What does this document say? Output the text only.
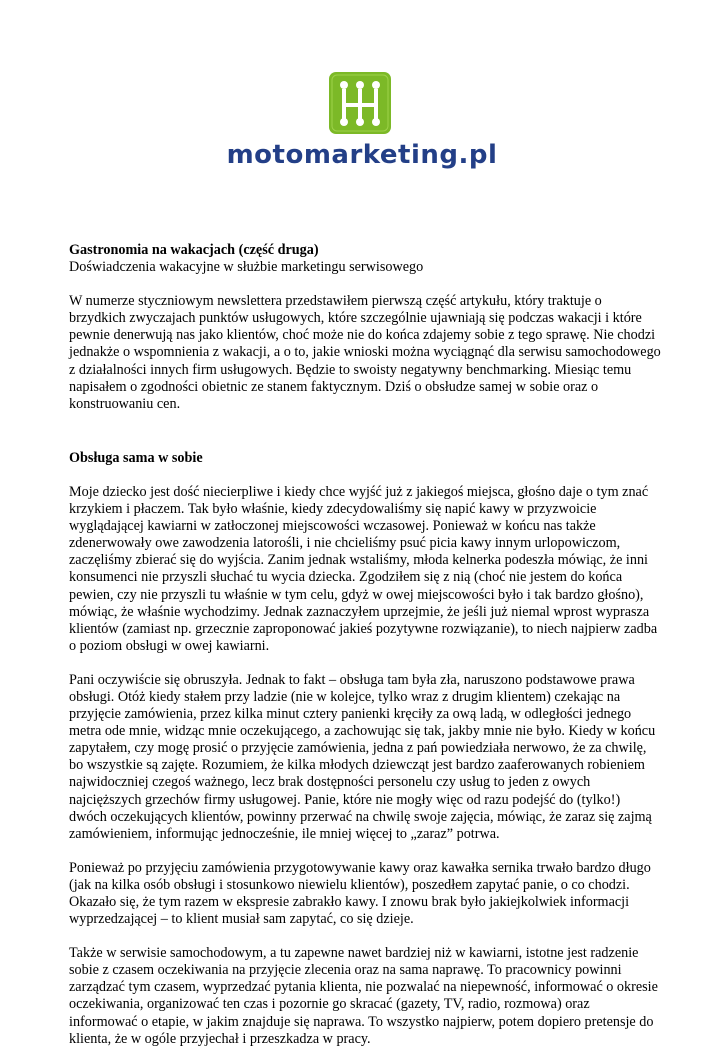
motomarketing.pl

Gastronomia na wakacjach (część druga)

Doświadczenia wakacyjne w służbie marketingu serwisowego

W numerze styczniowym newslettera przedstawiłem pierwszą część artykułu, który traktuje o brzydkich zwyczajach punktów usługowych, które szczególnie ujawniają się podczas wakacji i które pewnie denerwują nas jako klientów, choć może nie do końca zdajemy sobie z tego sprawę. Nie chodzi jednakże o wspomnienia z wakacji, a o to, jakie wnioski można wyciągnąć dla serwisu samochodowego z działalności innych firm usługowych. Będzie to swoisty negatywny benchmarking. Miesiąc temu napisałem o zgodności obietnic ze stanem faktycznym. Dziś o obsłudze samej w sobie oraz o konstruowaniu cen.

Obsługa sama w sobie

Moje dziecko jest dość niecierpliwe i kiedy chce wyjść już z jakiegoś miejsca, głośno daje o tym znać krzykiem i płaczem. Tak było właśnie, kiedy zdecydowaliśmy się napić kawy w przyzwoicie wyglądającej kawiarni w zatłoczonej miejscowości wczasowej. Ponieważ w końcu nas także zdenerwowały owe zawodzenia latorośli, i nie chcieliśmy psuć picia kawy innym urlopowiczom, zaczęliśmy zbierać się do wyjścia. Zanim jednak wstaliśmy, młoda kelnerka podeszła mówiąc, że inni konsumenci nie przyszli słuchać tu wycia dziecka. Zgodziłem się z nią (choć nie jestem do końca pewien, czy nie przyszli tu właśnie w tym celu, gdyż w owej miejscowości było i tak bardzo głośno), mówiąc, że właśnie wychodzimy. Jednak zaznaczyłem uprzejmie, że jeśli już niemal wprost wyprasza klientów (zamiast np. grzecznie zaproponować jakieś pozytywne rozwiązanie), to niech najpierw zadba o poziom obsługi w owej kawiarni.

Pani oczywiście się obruszyła. Jednak to fakt – obsługa tam była zła, naruszono podstawowe prawa obsługi. Otóż kiedy stałem przy ladzie (nie w kolejce, tylko wraz z drugim klientem) czekając na przyjęcie zamówienia, przez kilka minut cztery panienki kręciły za ową ladą, w odległości jednego metra ode mnie, widząc mnie oczekującego, a zachowując się tak, jakby mnie nie było. Kiedy w końcu zapytałem, czy mogę prosić o przyjęcie zamówienia, jedna z pań powiedziała nerwowo, że za chwilę, bo wszystkie są zajęte. Rozumiem, że kilka młodych dziewcząt jest bardzo zaaferowanych robieniem najwidoczniej czegoś ważnego, lecz brak dostępności personelu czy usług to jeden z owych najcięższych grzechów firmy usługowej. Panie, które nie mogły więc od razu podejść do (tylko!) dwóch oczekujących klientów, powinny przerwać na chwilę swoje zajęcia, mówiąc, że zaraz się zajmą zamówieniem, informując jednocześnie, ile mniej więcej to „zaraz” potrwa.

Ponieważ po przyjęciu zamówienia przygotowywanie kawy oraz kawałka sernika trwało bardzo długo (jak na kilka osób obsługi i stosunkowo niewielu klientów), poszedłem zapytać panie, o co chodzi. Okazało się, że tym razem w ekspresie zabrakło kawy. I znowu brak było jakiejkolwiek informacji wyprzedzającej – to klient musiał sam zapytać, co się dzieje.

Także w serwisie samochodowym, a tu zapewne nawet bardziej niż w kawiarni, istotne jest radzenie sobie z czasem oczekiwania na przyjęcie zlecenia oraz na sama naprawę. To pracownicy powinni zarządzać tym czasem, wyprzedzać pytania klienta, nie pozwalać na niepewność, informować o okresie oczekiwania, organizować ten czas i pozornie go skracać (gazety, TV, radio, rozmowa) oraz informować o etapie, w jakim znajduje się naprawa. To wszystko najpierw, potem dopiero pretensje do klienta, że w ogóle przyjechał i przeszkadza w pracy.
